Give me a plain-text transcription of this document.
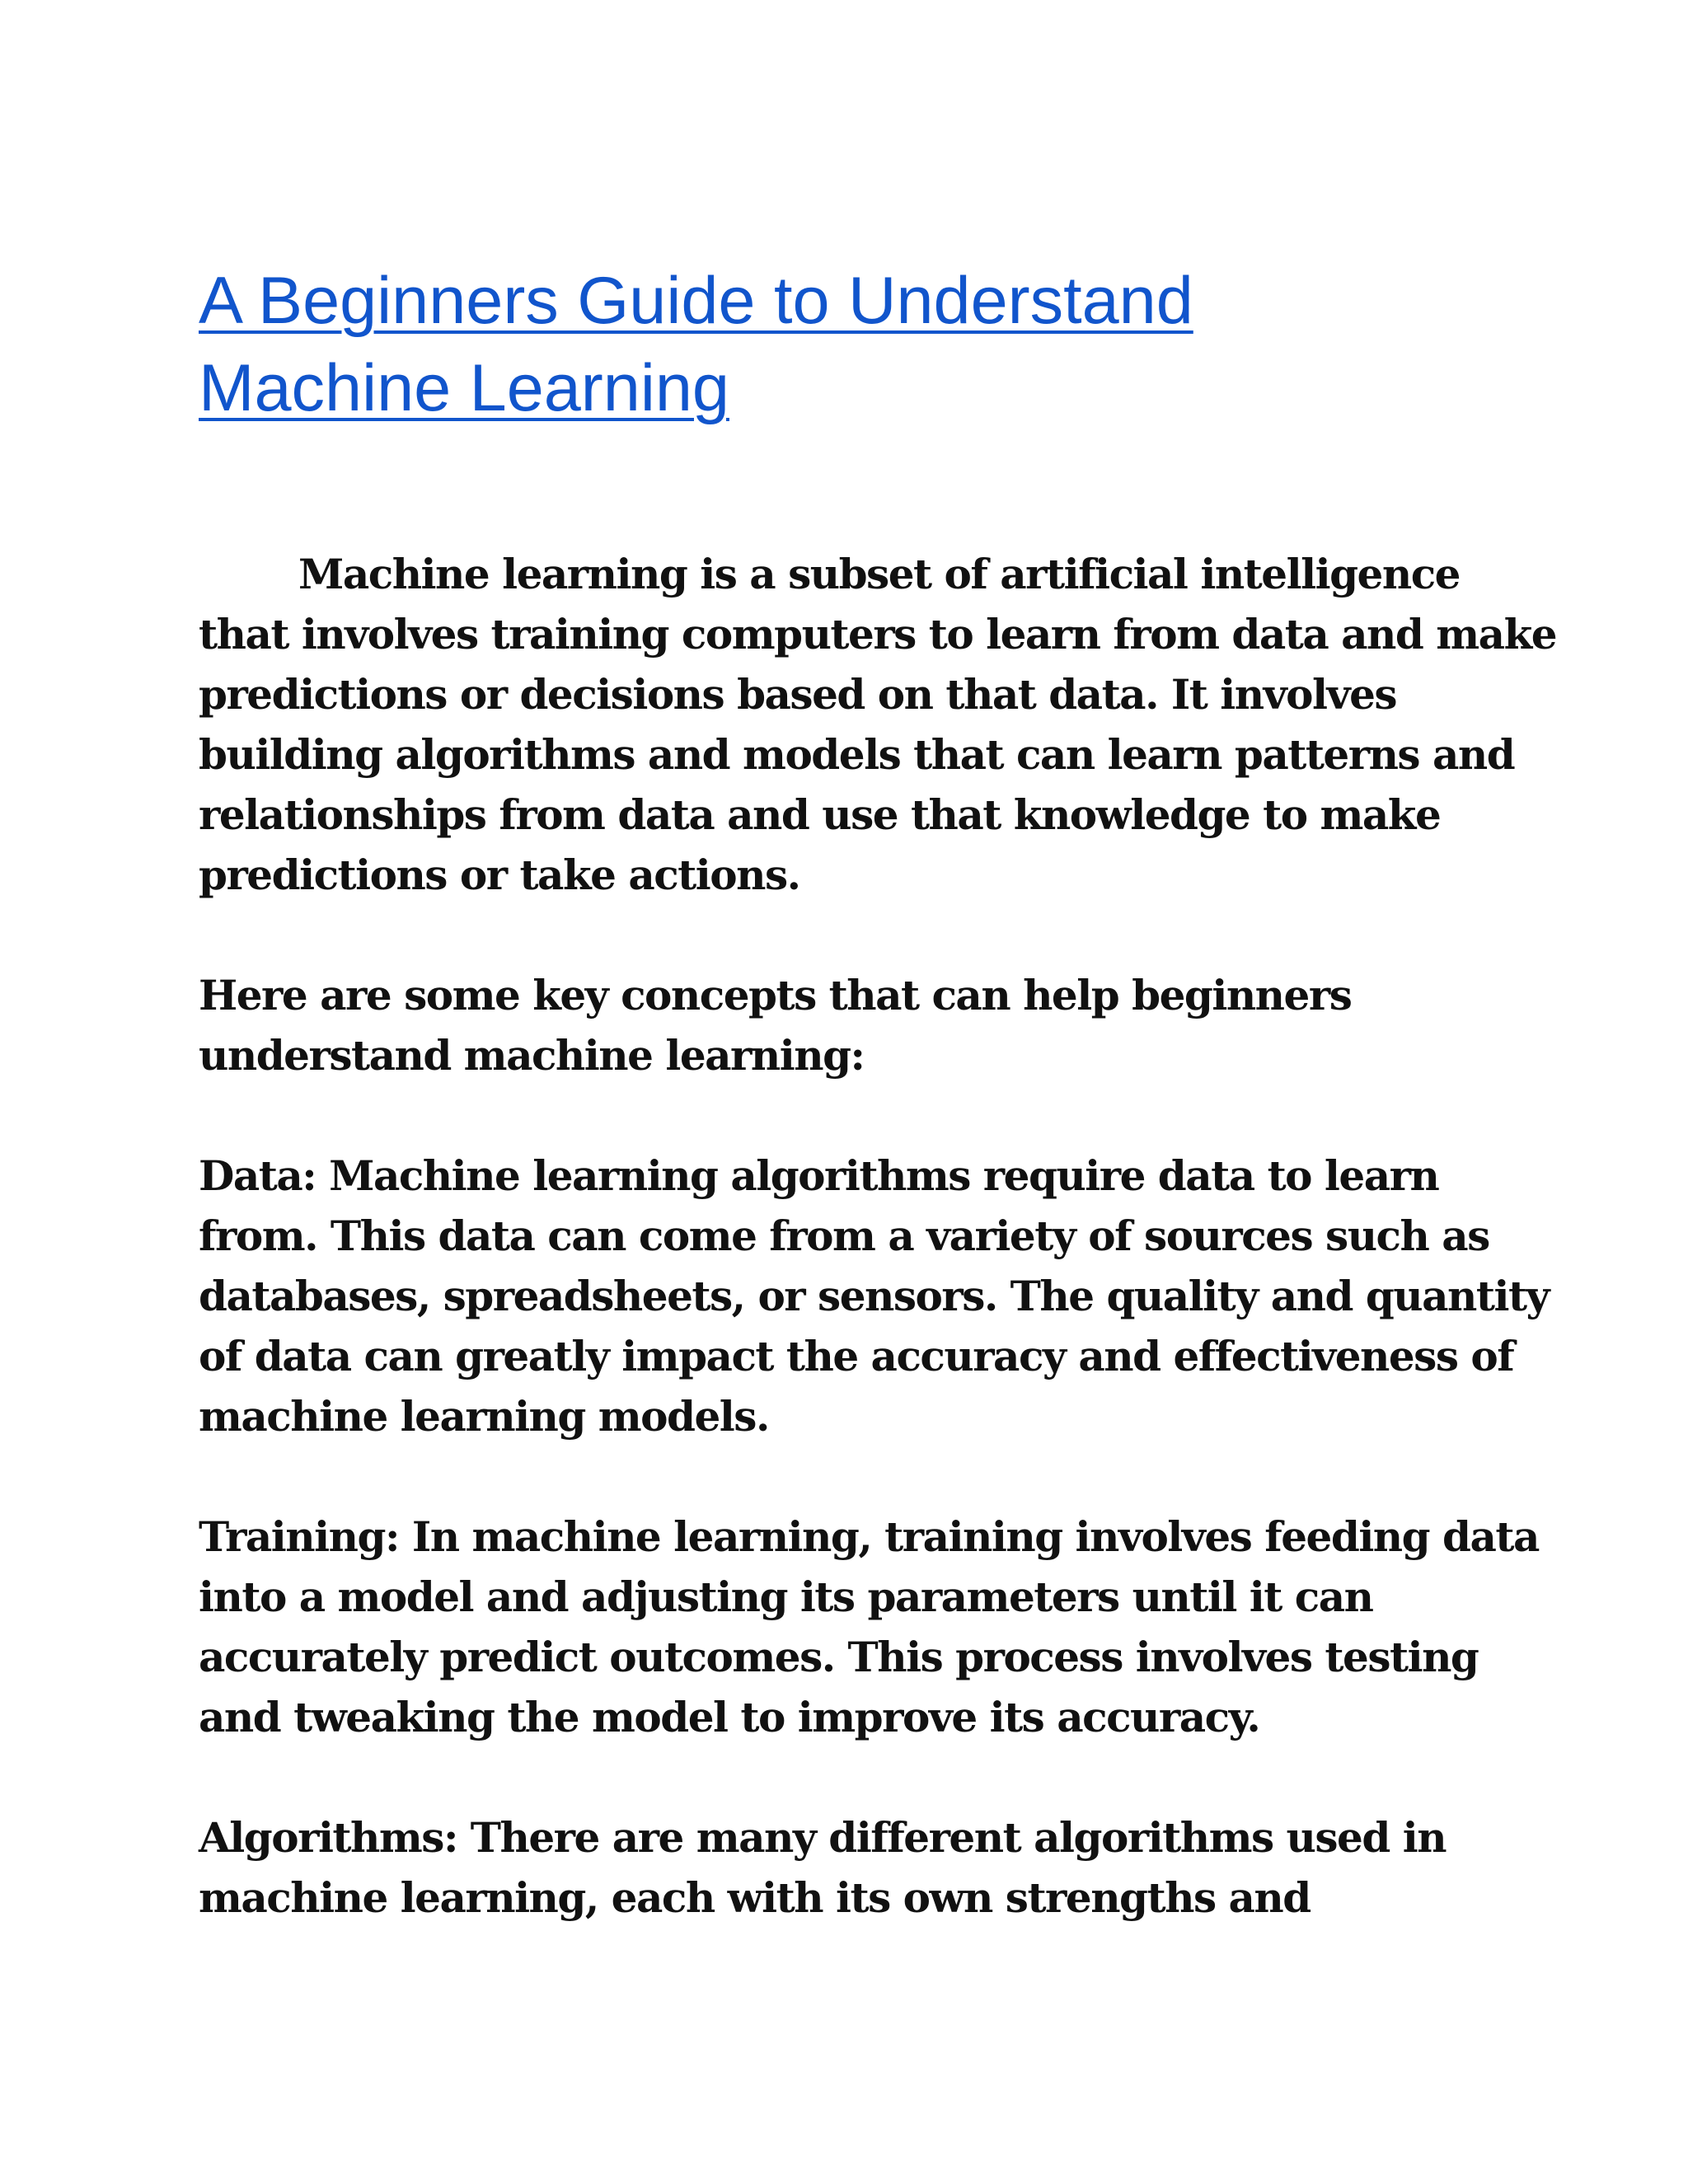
A Beginners Guide to Understand
Machine Learning

Machine learning is a subset of artificial intelligence
that involves training computers to learn from data and make
predictions or decisions based on that data. It involves
building algorithms and models that can learn patterns and
relationships from data and use that knowledge to make
predictions or take actions.

Here are some key concepts that can help beginners
understand machine learning:

Data: Machine learning algorithms require data to learn
from. This data can come from a variety of sources such as
databases, spreadsheets, or sensors. The quality and quantity
of data can greatly impact the accuracy and effectiveness of
machine learning models.

Training: In machine learning, training involves feeding data
into a model and adjusting its parameters until it can
accurately predict outcomes. This process involves testing
and tweaking the model to improve its accuracy.

Algorithms: There are many different algorithms used in
machine learning, each with its own strengths and
